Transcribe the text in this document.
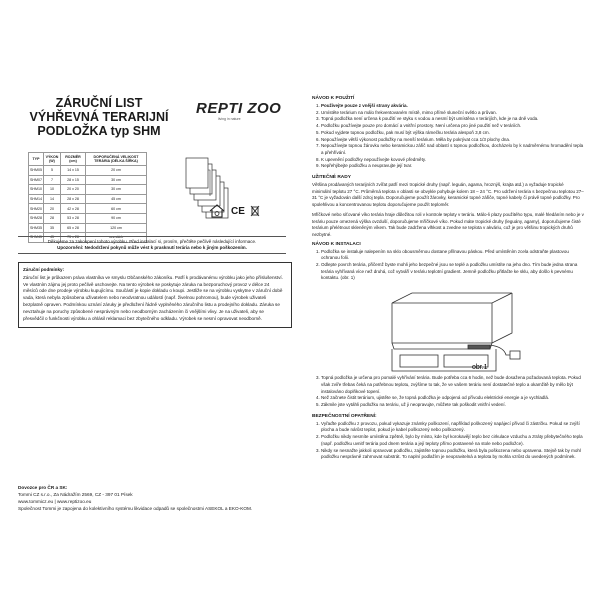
ZÁRUČNÍ LIST
VÝHŘEVNÁ TERARIJNÍ
PODLOŽKA typ SHM
REPTI ZOO
living in nature
TYP	VÝKON (W)	ROZMĚR (cm)	DOPORUČENÁ VELIKOST TERÁRIA (DÉLKA ŠÍŘKA)
SHM05	5	14 x 15	20 cm
SHM07	7	28 x 15	30 cm
SHM10	10	20 x 20	30 cm
SHM14	14	28 x 28	45 cm
SHM20	20	42 x 28	60 cm
SHM28	28	53 x 28	90 cm
SHM35	35	65 x 28	120 cm
SHM45	45	75 x 28	neználek
CE
Děkujeme za zakoupení tohoto výrobku. Před instalací si, prosím, přečtěte pečlivě následující informace.
Upozornění: Nedodržení pokynů může vést k prasknutí terária nebo k jiným poškozením.
Záruční podmínky:
Záruční list je průkazem práva vlastníka ve smyslu Občanského zákoníku. Patří k prodávanému výrobku jako jeho příslušenství. Ve vlastním zájmu jej proto pečlivě uschovejte. Na tento výrobek se poskytuje záruka na bezporuchový provoz v délce 24 měsíců ode dne prodeje výrobku kupujícímu. Součástí je kopie dokladu o koupi. Jestliže se na výrobku vyskytne v záruční době vada, která nebyla způsobena uživatelem nebo neodvratnou událostí (např. živelnou pohromou), bude výrobek uživateli bezplatně opraven. Podmínkou uznání záruky je předložení řádně vyplněného záručního listu a prodejního dokladu. Záruka se nevztahuje na poruchy způsobené nesprávným nebo neodborným zacházením či vnějšími vlivy. Je na uživateli, aby se přesvědčil o funkčnosti výrobku a ohlásil reklamaci bez zbytečného odkladu. Výrobek se nesmí opravovat neodborně.
Dovozce pro ČR a SK:
Tommi CZ s.r.o., Za Nádražím 2569, CZ - 397 01 Písek
www.tommicz.eu | www.reptizoo.eu
Společnost Tommi je zapojena do kolektivního systému likvidace odpadů se společnostmi ASEKOL a EKO-KOM.
NÁVOD K POUŽITÍ
1. Používejte pouze z vnější strany akvária.
2. Umístěte terárium na málo frekventovaném místě, mimo přímé sluneční světlo a průvan.
3. Topná podložka není určena k použití ve styku s vodou a nesmí být umístěna v terárijích, kde je na dně voda.
4. Podložku používejte pouze pro domácí a vnitřní prostory. Není určena pro jiné použití než v teráriích.
5. Pokud vyjdete topnou podložku, pak musí být výška rámečku terária alespoň 3,8 cm.
6. Nepoužívejte větší výkonost podložky na menší terárium. Měla by pokrývat cca 1/3 plochy dna.
7. Nepoužívejte topnou žárovku nebo keramickou zářič nad oblastí s topnou podložkou, docházelo by k nadměrnému hromadění tepla a přehřívání.
8. K upevnění podložky nepoužívejte kovové předměty.
9. Nepřehýbejte podložku a neupravujte její tvar.
UŽITEČNÉ RADY

Většina prodávaných terarijních zvířat patří mezi tropické druhy (např. leguán, agama, hroznýš, krajta atd.) a vyžaduje tropické minimální teplotu 27 °C. Průměrná teplota v oblasti se obvykle pohybuje kolem 18 – 24 °C. Pro udržení terária s bezpečnou teplotou 27–31 °C je vyžadován další zdroj tepla. Doporučujeme použít žárovky, keramické topné zářiče, topné kabely či právě topné podložky. Pro spolehlivou a koncentrovanou teplotu doporučujeme použít teploměr.

Mříčkové nebo síťované víko terária hraje důležitou roli v kontrole teploty v teráriu. Málo-li plazy použitého typu, malé hledáním nebo je v teráriu pouze omezená výška ovzduší, doporučujeme mříčkové víko. Pokud máte tropické druhy (leguány, agamy), doporučujeme čisté terárium přelétnout skleněným víkem. Tak bude zadržena vlhkost a zvedne se teplota v akváriu, což je pro většinu tropických druhů nezbytné.

NÁVOD K INSTALACI
1. Podložka se instaluje nalepením na sklo obousměrnou dostane přilnavou páskou. Před umístěním zcela odstraňte plastovou ochranou folii.
2. Odlepte povrch terária, přičemž byste mohli jeho bezpečné jsou se teplé a podložku umístíte na jeho dno. Tím bude jedna strana terária vyhřívaná více než druhá, což vytváří v teráriu teplotní gradient. Jemně podložku přitlačte ke sklu, aby došlo k pevnému kontaktu. (obr. 1)
obr.1
3. Topná podložka je určena pro pomalé vyhřívání terária. Bude potřeba cca 6 hodin, než bude dosažena požadovaná teplota. Pokud však zvíře třebas čeká na potřebnou teplotu, zvýšíme to tak, že ve vašem teráriu není dostatečné teplo a okamžitě by mělo být instalováno doplňkové topení.
4. Než začnete čistit terárium, ujistěte se, že topná podložka je odpojená od přívodu elektrické energie a je vychladlá.
5. Zákmile jste vytáhli podložku na teráriu, už ji neopravujte, můžete tak poškodit vnitřní vedení.
BEZPEČNOSTNÍ OPATŘENÍ:
1. Vyřaďte podložku z provozu, pokud vykazuje známky poškození, například poškozený napájecí přívod či zástrčku. Pokud se zvýší plocha a bude nárůst teplot, pokud je kabel poškozený nebo poškozený.
2. Podložku nikdy nesmíte umístěna zpětně, bylo by místo, kde byl korokavějí teplo bez cirkulace vzduchu a ztráty přebytečného tepla (např. podložku uvnitř terária pod dnem terária a její teploty přímo postavené na stole nebo podložce).
3. Nikdy se nesnažte jakkoli opravovat podložku, zajistěte topnou podložku, která byla poškozena nebo upravena. Stejně tak by mohl podložku nesprávně zahrnovat substrát. To naplní podlažím je neopravitelná a teplota by mohla vzrůst do uvedených podmínek.
